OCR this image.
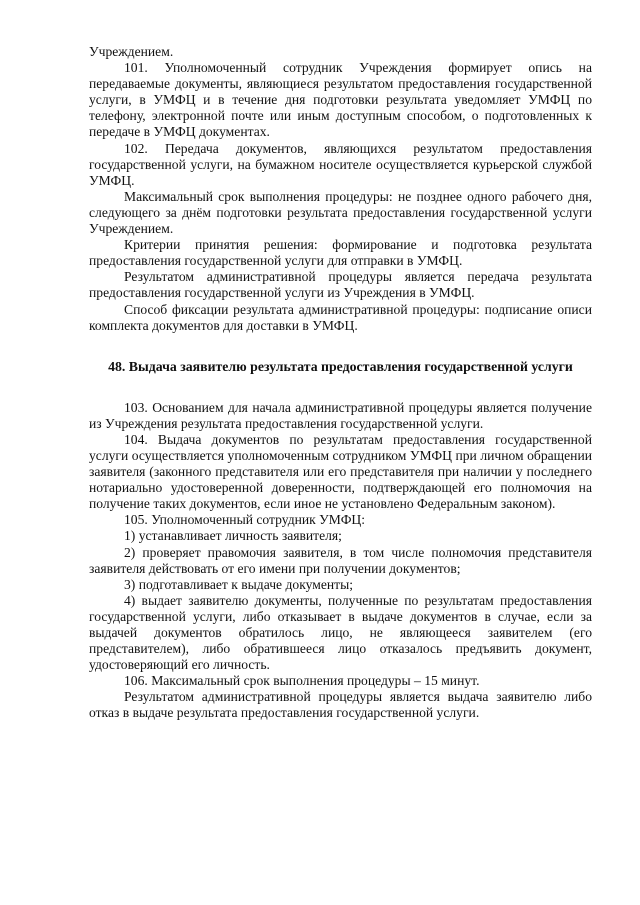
Учреждением.

101. Уполномоченный сотрудник Учреждения формирует опись на передаваемые документы, являющиеся результатом предоставления государственной услуги, в УМФЦ и в течение дня подготовки результата уведомляет УМФЦ по телефону, электронной почте или иным доступным способом, о подготовленных к передаче в УМФЦ документах.

102. Передача документов, являющихся результатом предоставления государственной услуги, на бумажном носителе осуществляется курьерской службой УМФЦ.

Максимальный срок выполнения процедуры: не позднее одного рабочего дня, следующего за днём подготовки результата предоставления государственной услуги Учреждением.

Критерии принятия решения: формирование и подготовка результата предоставления государственной услуги для отправки в УМФЦ.

Результатом административной процедуры является передача результата предоставления государственной услуги из Учреждения в УМФЦ.

Способ фиксации результата административной процедуры: подписание описи комплекта документов для доставки в УМФЦ.

48. Выдача заявителю результата предоставления государственной услуги

103. Основанием для начала административной процедуры является получение из Учреждения результата предоставления государственной услуги.

104. Выдача документов по результатам предоставления государственной услуги осуществляется уполномоченным сотрудником УМФЦ при личном обращении заявителя (законного представителя или его представителя при наличии у последнего нотариально удостоверенной доверенности, подтверждающей его полномочия на получение таких документов, если иное не установлено Федеральным законом).

105. Уполномоченный сотрудник УМФЦ:

1) устанавливает личность заявителя;

2) проверяет правомочия заявителя, в том числе полномочия представителя заявителя действовать от его имени при получении документов;

3) подготавливает к выдаче документы;

4) выдает заявителю документы, полученные по результатам предоставления государственной услуги, либо отказывает в выдаче документов в случае, если за выдачей документов обратилось лицо, не являющееся заявителем (его представителем), либо обратившееся лицо отказалось предъявить документ, удостоверяющий его личность.

106. Максимальный срок выполнения процедуры – 15 минут.

Результатом административной процедуры является выдача заявителю либо отказ в выдаче результата предоставления государственной услуги.
